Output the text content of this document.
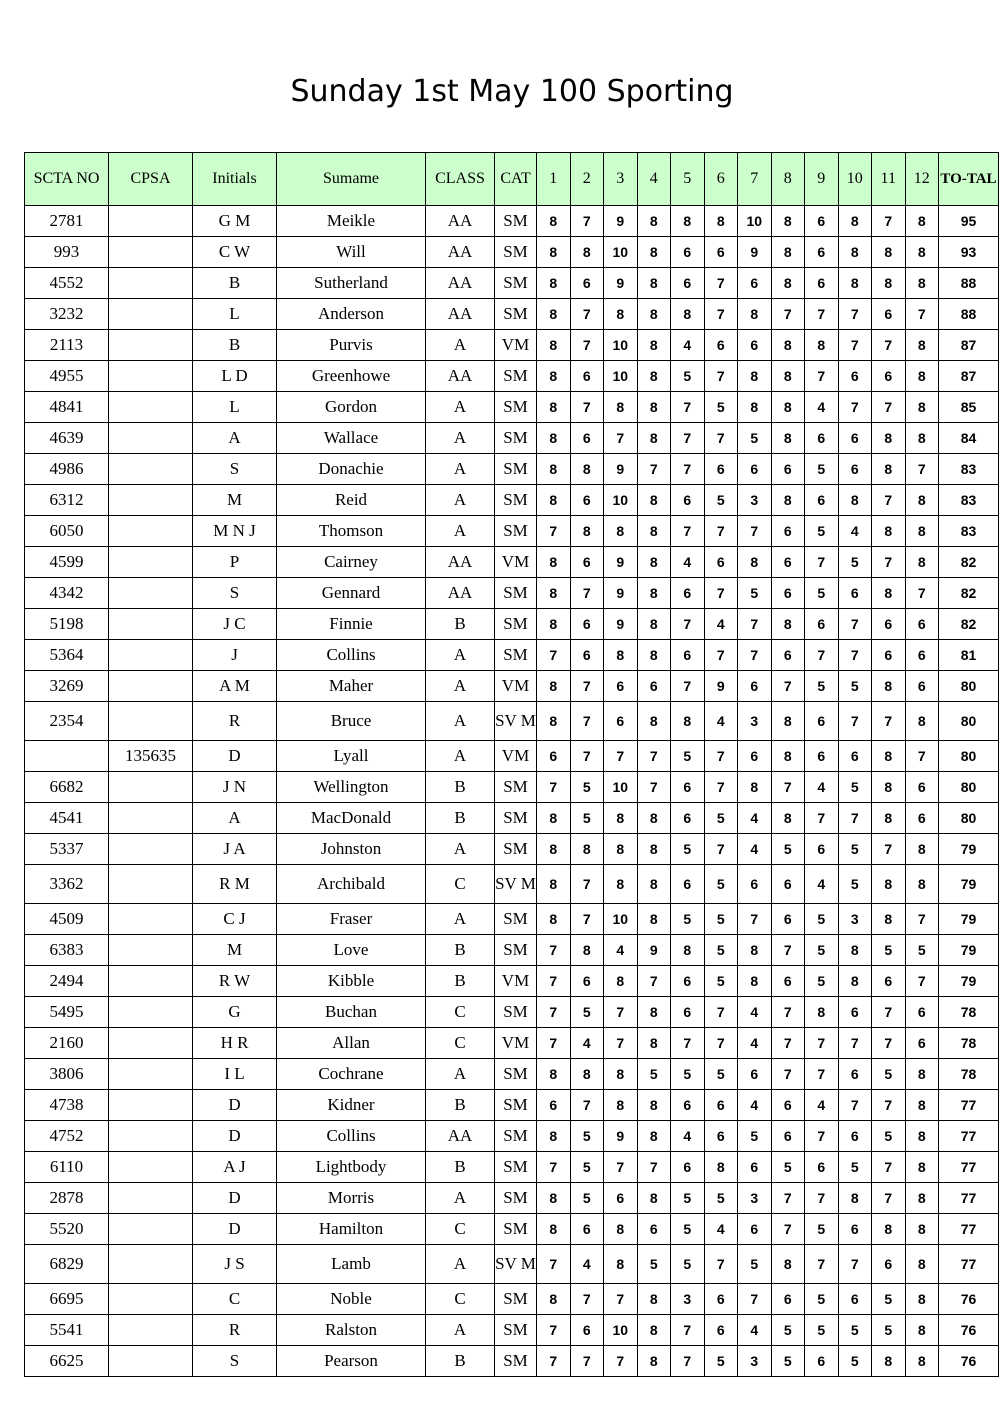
Sunday 1st May 100 Sporting
SCTA NO	CPSA	Initials	Sumame	CLASS	CAT	1	2	3	4	5	6	7	8	9	10	11	12	TO-TAL
2781		G M	Meikle	AA	SM	8	7	9	8	8	8	10	8	6	8	7	8	95
993		C W	Will	AA	SM	8	8	10	8	6	6	9	8	6	8	8	8	93
4552		B	Sutherland	AA	SM	8	6	9	8	6	7	6	8	6	8	8	8	88
3232		L	Anderson	AA	SM	8	7	8	8	8	7	8	7	7	7	6	7	88
2113		B	Purvis	A	VM	8	7	10	8	4	6	6	8	8	7	7	8	87
4955		L D	Greenhowe	AA	SM	8	6	10	8	5	7	8	8	7	6	6	8	87
4841		L	Gordon	A	SM	8	7	8	8	7	5	8	8	4	7	7	8	85
4639		A	Wallace	A	SM	8	6	7	8	7	7	5	8	6	6	8	8	84
4986		S	Donachie	A	SM	8	8	9	7	7	6	6	6	5	6	8	7	83
6312		M	Reid	A	SM	8	6	10	8	6	5	3	8	6	8	7	8	83
6050		M N J	Thomson	A	SM	7	8	8	8	7	7	7	6	5	4	8	8	83
4599		P	Cairney	AA	VM	8	6	9	8	4	6	8	6	7	5	7	8	82
4342		S	Gennard	AA	SM	8	7	9	8	6	7	5	6	5	6	8	7	82
5198		J C	Finnie	B	SM	8	6	9	8	7	4	7	8	6	7	6	6	82
5364		J	Collins	A	SM	7	6	8	8	6	7	7	6	7	7	6	6	81
3269		A M	Maher	A	VM	8	7	6	6	7	9	6	7	5	5	8	6	80
2354		R	Bruce	A	SV M	8	7	6	8	8	4	3	8	6	7	7	8	80
	135635	D	Lyall	A	VM	6	7	7	7	5	7	6	8	6	6	8	7	80
6682		J N	Wellington	B	SM	7	5	10	7	6	7	8	7	4	5	8	6	80
4541		A	MacDonald	B	SM	8	5	8	8	6	5	4	8	7	7	8	6	80
5337		J A	Johnston	A	SM	8	8	8	8	5	7	4	5	6	5	7	8	79
3362		R M	Archibald	C	SV M	8	7	8	8	6	5	6	6	4	5	8	8	79
4509		C J	Fraser	A	SM	8	7	10	8	5	5	7	6	5	3	8	7	79
6383		M	Love	B	SM	7	8	4	9	8	5	8	7	5	8	5	5	79
2494		R W	Kibble	B	VM	7	6	8	7	6	5	8	6	5	8	6	7	79
5495		G	Buchan	C	SM	7	5	7	8	6	7	4	7	8	6	7	6	78
2160		H R	Allan	C	VM	7	4	7	8	7	7	4	7	7	7	7	6	78
3806		I L	Cochrane	A	SM	8	8	8	5	5	5	6	7	7	6	5	8	78
4738		D	Kidner	B	SM	6	7	8	8	6	6	4	6	4	7	7	8	77
4752		D	Collins	AA	SM	8	5	9	8	4	6	5	6	7	6	5	8	77
6110		A J	Lightbody	B	SM	7	5	7	7	6	8	6	5	6	5	7	8	77
2878		D	Morris	A	SM	8	5	6	8	5	5	3	7	7	8	7	8	77
5520		D	Hamilton	C	SM	8	6	8	6	5	4	6	7	5	6	8	8	77
6829		J S	Lamb	A	SV M	7	4	8	5	5	7	5	8	7	7	6	8	77
6695		C	Noble	C	SM	8	7	7	8	3	6	7	6	5	6	5	8	76
5541		R	Ralston	A	SM	7	6	10	8	7	6	4	5	5	5	5	8	76
6625		S	Pearson	B	SM	7	7	7	8	7	5	3	5	6	5	8	8	76
